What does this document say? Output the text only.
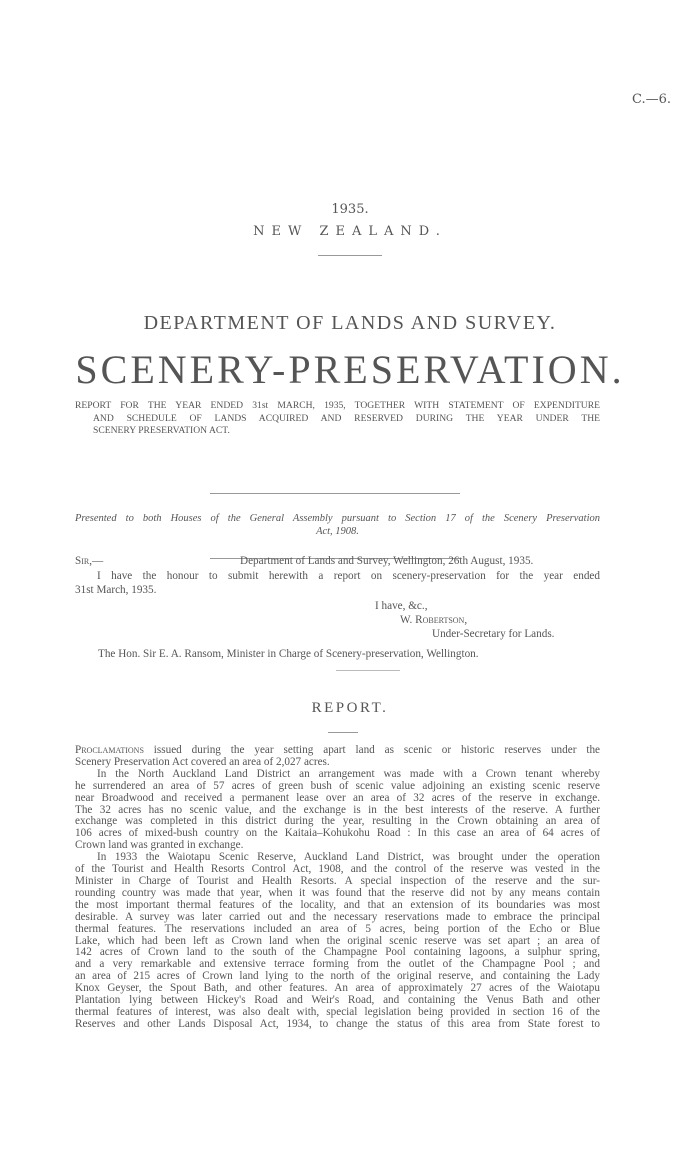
C.—6.
1935.
NEW ZEALAND.
DEPARTMENT OF LANDS AND SURVEY.
SCENERY-PRESERVATION.
REPORT FOR THE YEAR ENDED 31st MARCH, 1935, TOGETHER WITH STATEMENT OF EXPENDITURE
AND SCHEDULE OF LANDS ACQUIRED AND RESERVED DURING THE YEAR UNDER THE
SCENERY PRESERVATION ACT.
Presented to both Houses of the General Assembly pursuant to Section 17 of the Scenery Preservation
Act, 1908.
Sir,—	Department of Lands and Survey, Wellington, 26th August, 1935.
I have the honour to submit herewith a report on scenery-preservation for the year ended
31st March, 1935.
I have, &c.,
W. Robertson,
Under-Secretary for Lands.
The Hon. Sir E. A. Ransom, Minister in Charge of Scenery-preservation, Wellington.
REPORT.
Proclamations issued during the year setting apart land as scenic or historic reserves under the
Scenery Preservation Act covered an area of 2,027 acres.
In the North Auckland Land District an arrangement was made with a Crown tenant whereby
he surrendered an area of 57 acres of green bush of scenic value adjoining an existing scenic reserve
near Broadwood and received a permanent lease over an area of 32 acres of the reserve in exchange.
The 32 acres has no scenic value, and the exchange is in the best interests of the reserve. A further
exchange was completed in this district during the year, resulting in the Crown obtaining an area of
106 acres of mixed-bush country on the Kaitaia–Kohukohu Road : In this case an area of 64 acres of
Crown land was granted in exchange.
In 1933 the Waiotapu Scenic Reserve, Auckland Land District, was brought under the operation
of the Tourist and Health Resorts Control Act, 1908, and the control of the reserve was vested in the
Minister in Charge of Tourist and Health Resorts. A special inspection of the reserve and the sur-
rounding country was made that year, when it was found that the reserve did not by any means contain
the most important thermal features of the locality, and that an extension of its boundaries was most
desirable. A survey was later carried out and the necessary reservations made to embrace the principal
thermal features. The reservations included an area of 5 acres, being portion of the Echo or Blue
Lake, which had been left as Crown land when the original scenic reserve was set apart ; an area of
142 acres of Crown land to the south of the Champagne Pool containing lagoons, a sulphur spring,
and a very remarkable and extensive terrace forming from the outlet of the Champagne Pool ; and
an area of 215 acres of Crown land lying to the north of the original reserve, and containing the Lady
Knox Geyser, the Spout Bath, and other features. An area of approximately 27 acres of the Waiotapu
Plantation lying between Hickey's Road and Weir's Road, and containing the Venus Bath and other
thermal features of interest, was also dealt with, special legislation being provided in section 16 of the
Reserves and other Lands Disposal Act, 1934, to change the status of this area from State forest to
